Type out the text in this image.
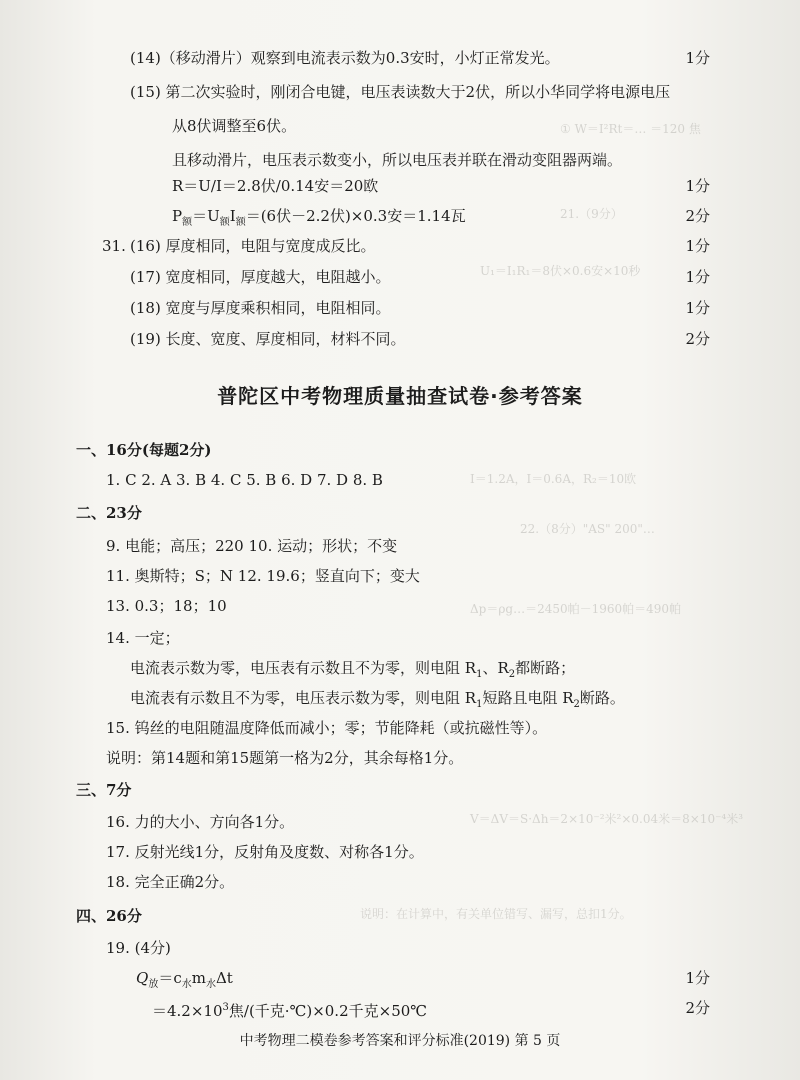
① W＝I²Rt＝… ＝120 焦
21.（9分）
U₁＝I₁R₁＝8伏×0.6安×10秒
I＝1.2A，I＝0.6A，R₂＝10欧
22.（8分）"AS" 200"…
Δp＝ρg…＝2450帕－1960帕＝490帕
V＝ΔV＝S·Δh＝2×10⁻²米²×0.04米＝8×10⁻⁴米³
说明：在计算中，有关单位错写、漏写，总扣1分。
(14)（移动滑片）观察到电流表示数为0.3安时，小灯正常发光。	1分
(15) 第二次实验时，刚闭合电键，电压表读数大于2伏，所以小华同学将电源电压
从8伏调整至6伏。
且移动滑片，电压表示数变小，所以电压表并联在滑动变阻器两端。
R＝U/I＝2.8伏/0.14安＝20欧	1分
$P_额=U_额I_额=(6$伏－2.2伏)×0.3安＝1.14瓦	2分
31. (16) 厚度相同，电阻与宽度成反比。	1分
(17) 宽度相同，厚度越大，电阻越小。	1分
(18) 宽度与厚度乘积相同，电阻相同。	1分
(19) 长度、宽度、厚度相同，材料不同。	2分
普陀区中考物理质量抽查试卷·参考答案
一、16分(每题2分)
1. C 2. A 3. B 4. C 5. B 6. D 7. D 8. B
二、23分
9. 电能；高压；220 10. 运动；形状；不变
11. 奥斯特；S；N 12. 19.6；竖直向下；变大
13. 0.3；18；10
14. 一定；
电流表示数为零，电压表有示数且不为零，则电阻 $R_1$、$R_2$都断路；
电流表有示数且不为零，电压表示数为零，则电阻 $R_1$短路且电阻 $R_2$断路。
15. 钨丝的电阻随温度降低而减小；零；节能降耗（或抗磁性等）。
说明：第14题和第15题第一格为2分，其余每格1分。
三、7分
16. 力的大小、方向各1分。
17. 反射光线1分，反射角及度数、对称各1分。
18. 完全正确2分。
四、26分
19. (4分)
$Q_放=c_水m_水\Delta t$	1分
$=4.2\times 10^3$焦/(千克·℃)×0.2千克×50℃	2分
中考物理二模卷参考答案和评分标准(2019) 第 5 页
